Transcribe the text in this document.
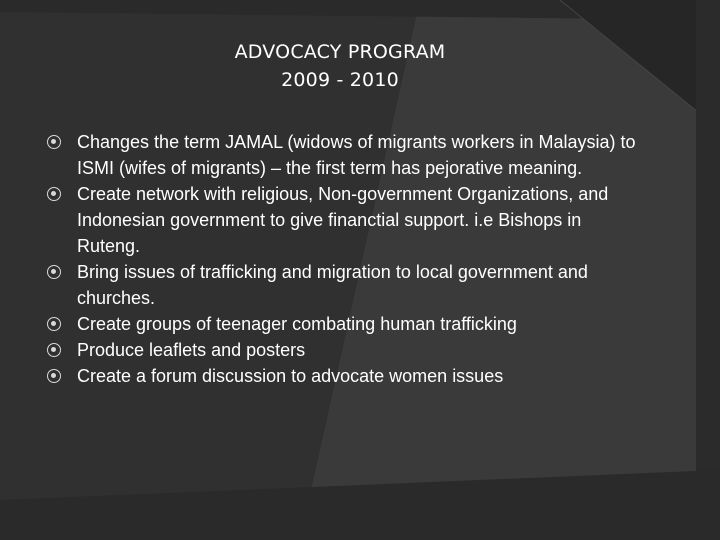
ADVOCACY PROGRAM
2009 - 2010
Changes the term JAMAL (widows of migrants workers in Malaysia) to ISMI (wifes of migrants) – the first term has pejorative meaning.
Create network with religious, Non-government Organizations, and Indonesian government to give financtial support. i.e Bishops in Ruteng.
Bring issues of trafficking and migration to local government and churches.
Create groups of teenager combating human trafficking
Produce leaflets and posters
Create a forum discussion to advocate women issues
